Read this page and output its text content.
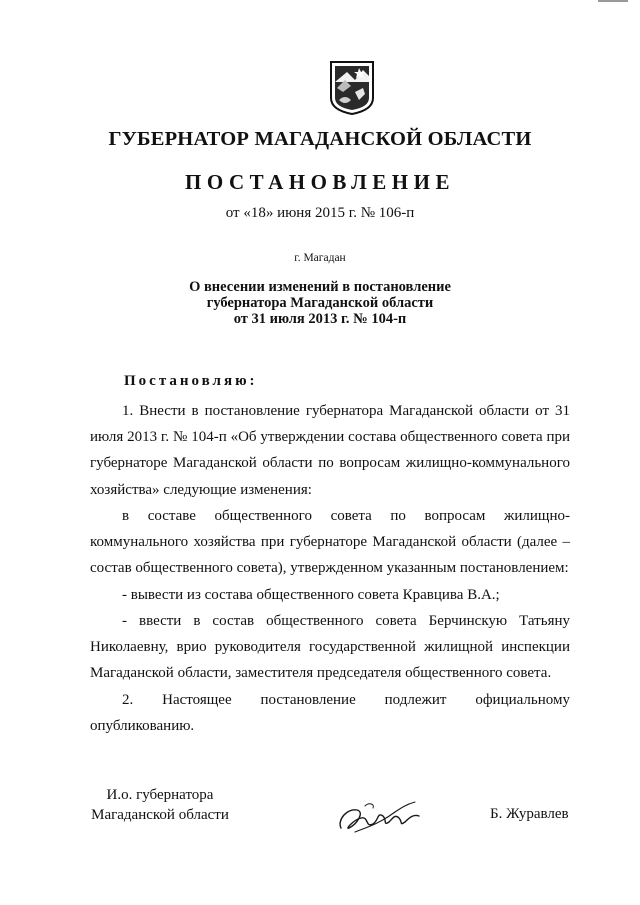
ГУБЕРНАТОР МАГАДАНСКОЙ ОБЛАСТИ
ПОСТАНОВЛЕНИЕ
от «18» июня 2015 г. № 106-п
г. Магадан
О внесении изменений в постановление
губернатора Магаданской области
от 31 июля 2013 г. № 104-п
Постановляю:

1. Внести в постановление губернатора Магаданской области от 31 июля 2013 г. № 104-п «Об утверждении состава общественного совета при губернаторе Магаданской области по вопросам жилищно-коммунального хозяйства» следующие изменения:

в составе общественного совета по вопросам жилищно-коммунального хозяйства при губернаторе Магаданской области (далее – состав общественного совета), утвержденном указанным постановлением:

- вывести из состава общественного совета Кравцива В.А.;

- ввести в состав общественного совета Берчинскую Татьяну Николаевну, врио руководителя государственной жилищной инспекции Магаданской области, заместителя председателя общественного совета.

2. Настоящее постановление подлежит официальному опубликованию.

И.о. губернатора
Магаданской области	Б. Журавлев
